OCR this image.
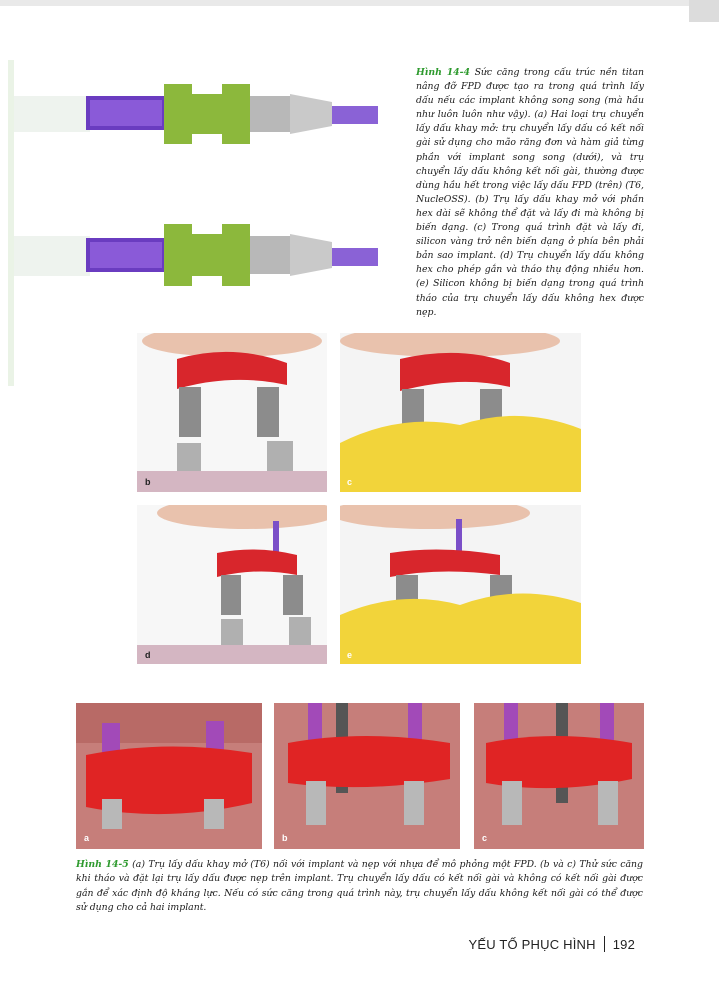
Hình 14-4 Sức căng trong cấu trúc nền titan nâng đỡ FPD được tạo ra trong quá trình lấy dấu nếu các implant không song song (mà hầu như luôn luôn như vậy). (a) Hai loại trụ chuyển lấy dấu khay mở: trụ chuyển lấy dấu có kết nối gài sử dụng cho mão răng đơn và hàm giả từng phần với implant song song (dưới), và trụ chuyển lấy dấu không kết nối gài, thường được dùng hầu hết trong việc lấy dấu FPD (trên) (T6, NucleOSS). (b) Trụ lấy dấu khay mở với phần hex dài sẽ không thể đặt và lấy đi mà không bị biến dạng. (c) Trong quá trình đặt và lấy đi, silicon vàng trở nên biến dạng ở phía bên phải bản sao implant. (d) Trụ chuyển lấy dấu không hex cho phép gắn và tháo thụ động nhiều hơn. (e) Silicon không bị biến dạng trong quá trình tháo của trụ chuyển lấy dấu không hex được nẹp.
b	c
d	e
a	b	c
Hình 14-5 (a) Trụ lấy dấu khay mở (T6) nối với implant và nẹp với nhựa để mô phỏng một FPD. (b và c) Thử sức căng khi tháo và đặt lại trụ lấy dấu được nẹp trên implant. Trụ chuyển lấy dấu có kết nối gài và không có kết nối gài được gắn để xác định độ kháng lực. Nếu có sức căng trong quá trình này, trụ chuyển lấy dấu không kết nối gài có thể được sử dụng cho cả hai implant.
YẾU TỐ PHỤC HÌNH 192
